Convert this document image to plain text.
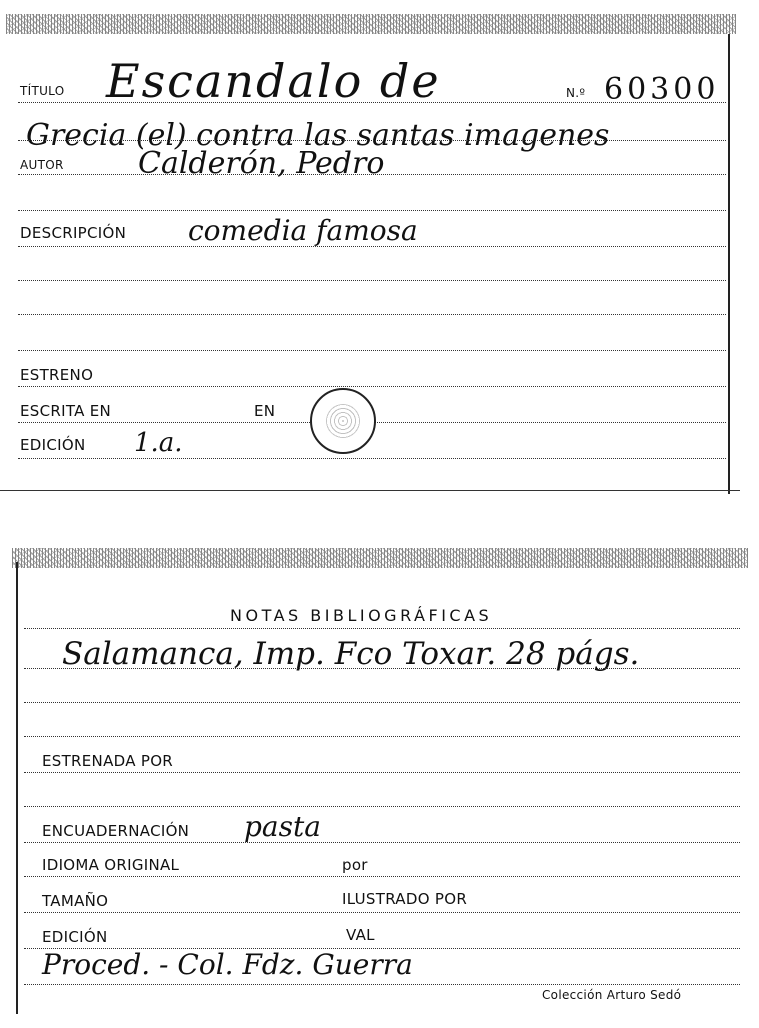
TÍTULO Escandalo de	N.º 60300
Grecia (el) contra las santas imagenes
AUTOR Calderón, Pedro
DESCRIPCIÓN comedia famosa
ESTRENO
ESCRITA EN	EN
EDICIÓN 1.a.
NOTAS BIBLIOGRÁFICAS
Salamanca, Imp. Fco Toxar. 28 págs.
ESTRENADA POR
ENCUADERNACIÓN pasta
IDIOMA ORIGINAL	por
TAMAÑO	ILUSTRADO POR
EDICIÓN	VAL
Proced. - Col. Fdz. Guerra
Colección Arturo Sedó
